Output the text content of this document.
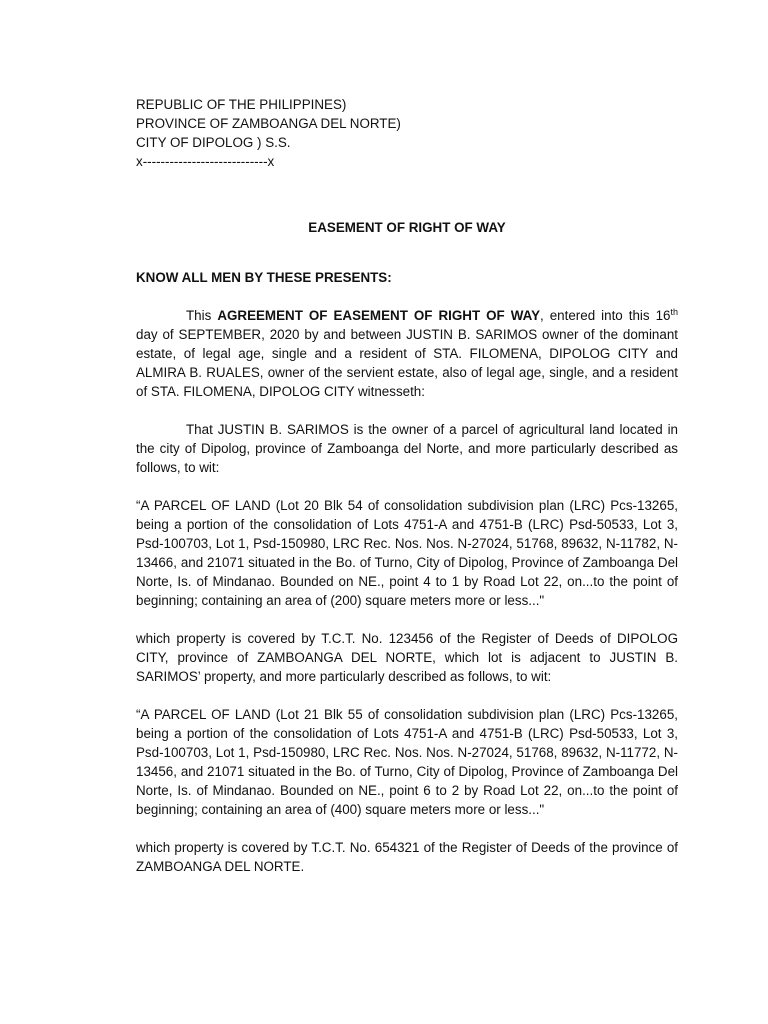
REPUBLIC OF THE PHILIPPINES)
PROVINCE OF ZAMBOANGA DEL NORTE)
CITY OF DIPOLOG ) S.S.
x----------------------------x
EASEMENT OF RIGHT OF WAY
KNOW ALL MEN BY THESE PRESENTS:

This AGREEMENT OF EASEMENT OF RIGHT OF WAY, entered into this 16th day of SEPTEMBER, 2020 by and between JUSTIN B. SARIMOS owner of the dominant estate, of legal age, single and a resident of STA. FILOMENA, DIPOLOG CITY and ALMIRA B. RUALES, owner of the servient estate, also of legal age, single, and a resident of STA. FILOMENA, DIPOLOG CITY witnesseth:

That JUSTIN B. SARIMOS is the owner of a parcel of agricultural land located in the city of Dipolog, province of Zamboanga del Norte, and more particularly described as follows, to wit:

“A PARCEL OF LAND (Lot 20 Blk 54 of consolidation subdivision plan (LRC) Pcs-13265, being a portion of the consolidation of Lots 4751-A and 4751-B (LRC) Psd-50533, Lot 3, Psd-100703, Lot 1, Psd-150980, LRC Rec. Nos. Nos. N-27024, 51768, 89632, N-11782, N-13466, and 21071 situated in the Bo. of Turno, City of Dipolog, Province of Zamboanga Del Norte, Is. of Mindanao. Bounded on NE., point 4 to 1 by Road Lot 22, on...to the point of beginning; containing an area of (200) square meters more or less..."

which property is covered by T.C.T. No. 123456 of the Register of Deeds of DIPOLOG CITY, province of ZAMBOANGA DEL NORTE, which lot is adjacent to JUSTIN B. SARIMOS’ property, and more particularly described as follows, to wit:

“A PARCEL OF LAND (Lot 21 Blk 55 of consolidation subdivision plan (LRC) Pcs-13265, being a portion of the consolidation of Lots 4751-A and 4751-B (LRC) Psd-50533, Lot 3, Psd-100703, Lot 1, Psd-150980, LRC Rec. Nos. Nos. N-27024, 51768, 89632, N-11772, N-13456, and 21071 situated in the Bo. of Turno, City of Dipolog, Province of Zamboanga Del Norte, Is. of Mindanao. Bounded on NE., point 6 to 2 by Road Lot 22, on...to the point of beginning; containing an area of (400) square meters more or less..."

which property is covered by T.C.T. No. 654321 of the Register of Deeds of the province of ZAMBOANGA DEL NORTE.
